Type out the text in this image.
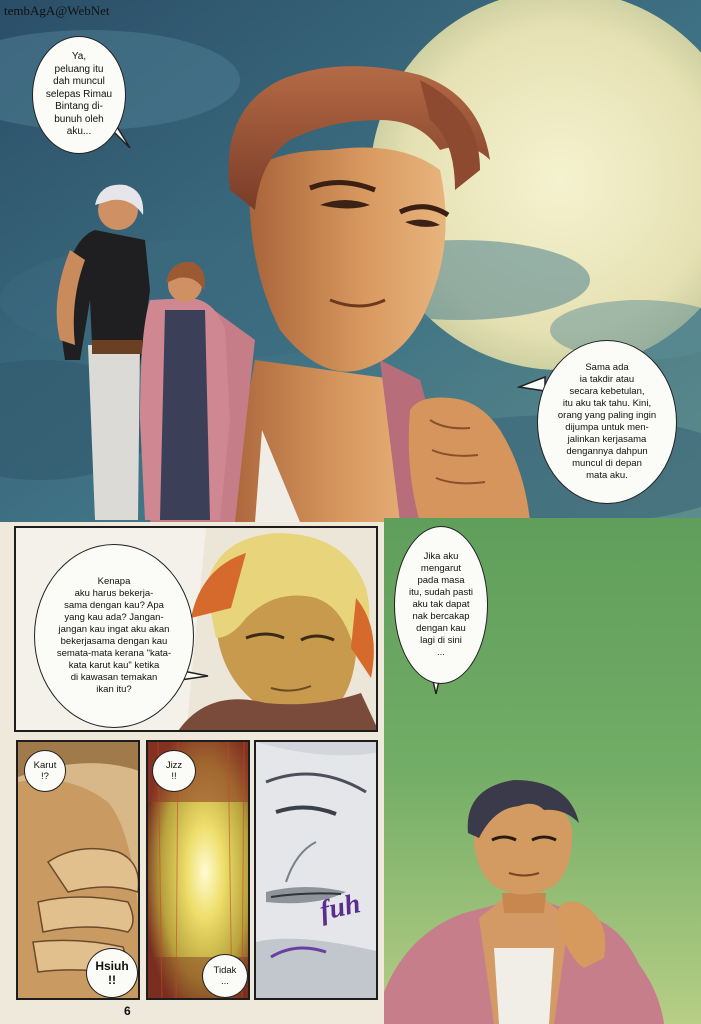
tembAgA@WebNet
Ya,
peluang itu
dah muncul
selepas Rimau
Bintang di-
bunuh oleh
aku...
Sama ada
ia takdir atau
secara kebetulan,
itu aku tak tahu. Kini,
orang yang paling ingin
dijumpa untuk men-
jalinkan kerjasama
dengannya dahpun
muncul di depan
mata aku.
Kenapa
aku harus bekerja-
sama dengan kau? Apa
yang kau ada? Jangan-
jangan kau ingat aku akan
bekerjasama dengan kau
semata-mata kerana "kata-
kata karut kau" ketika
di kawasan temakan
ikan itu?
Jika aku
mengarut
pada masa
itu, sudah pasti
aku tak dapat
nak bercakap
dengan kau
lagi di sini
...
Karut
!?
Hsiuh
!!
Jizz
!!
Tidak
...
fuh
6
